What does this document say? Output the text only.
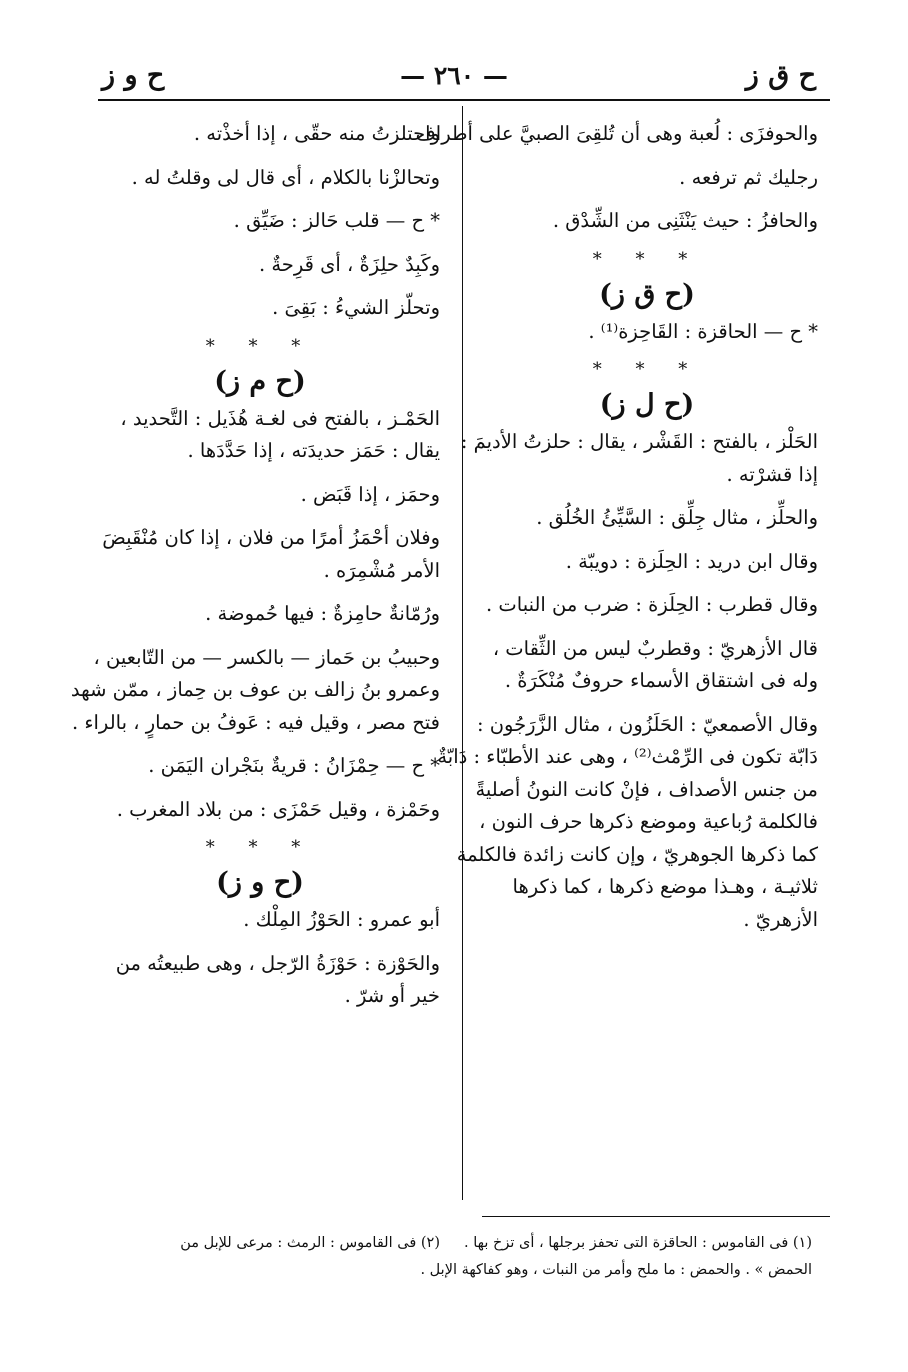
ح ق ز
— ٢٦٠ —
ح و ز

والحوفزَى : لُعبة وهى أن تُلقِىَ الصبيَّ على أطراف

رجليك ثم ترفعه .

والحافزُ : حيث يَنْثَنِى من الشِّدْق .

* * *

(ح ق ز)

* ح — الحاقزة : القَاحِزة⁽¹⁾ .

* * *

(ح ل ز)

الحَلْز ، بالفتح : القَشْر ، يقال : حلزتُ الأديمَ :

إذا قشرْته .

والحلِّز ، مثال جِلِّق : السَّيِّئُ الخُلُق .

وقال ابن دريد : الحِلَزة : دويبّة .

وقال قطرب : الحِلَزة : ضرب من النبات .

قال الأزهريّ : وقطربٌ ليس من الثِّقات ،

وله فى اشتقاق الأسماء حروفٌ مُنْكَرَةٌ .

وقال الأصمعيّ : الحَلَزُون ، مثال الزَّرَجُون :

دَابّة تكون فى الرِّمْث⁽²⁾ ، وهى عند الأطبّاء : دَابّةٌ

من جنس الأصداف ، فإنْ كانت النونُ أصليةً

فالكلمة رُباعية وموضع ذكرها حرف النون ،

كما ذكرها الجوهريّ ، وإن كانت زائدة فالكلمة

ثلاثيـة ، وهـذا موضع ذكرها ، كما ذكرها

الأزهريّ .

واحتلزتُ منه حقّى ، إذا أخذْته .

وتحالزْنا بالكلام ، أى قال لى وقلتُ له .

* ح — قلب حَالز : ضَيِّق .

وكَبِدٌ حلِزَةٌ ، أى قَرِحةٌ .

وتحلّز الشيءُ : بَقِىَ .

* * *

(ح م ز)

الحَمْـز ، بالفتح فى لغـة هُذَيل : التَّحديد ،

يقال : حَمَز حديدَته ، إذا حَدَّدَها .

وحمَز ، إذا قَبَض .

وفلان أحْمَزُ أمرًا من فلان ، إذا كان مُنْقَبِضَ

الأمر مُشْمِرَه .

ورُمّانةٌ حامِزةٌ : فيها حُموضة .

وحبيبُ بن حَماز — بالكسر — من التّابعين ،

وعمرو بنُ زالف بن عوف بن حِماز ، ممّن شهد

فتح مصر ، وقيل فيه : عَوفُ بن حمارٍ ، بالراء .

* ح — حِمْزَانُ : قريةٌ بنَجْران اليَمَن .

وحَمْزة ، وقيل حَمْزَى : من بلاد المغرب .

* * *

(ح و ز)

أبو عمرو : الحَوْزُ المِلْك .

والحَوْزة : حَوْزَةُ الرّجل ، وهى طبيعتُه من

خير أو شرّ .

(١) فى القاموس : الحاقزة التى تحفز برجلها ، أى تزخ بها .
(٢) فى القاموس : الرمث : مرعى للإبل من
الحمض » . والحمض : ما ملح وأمر من النبات ، وهو كفاكهة الإبل .
